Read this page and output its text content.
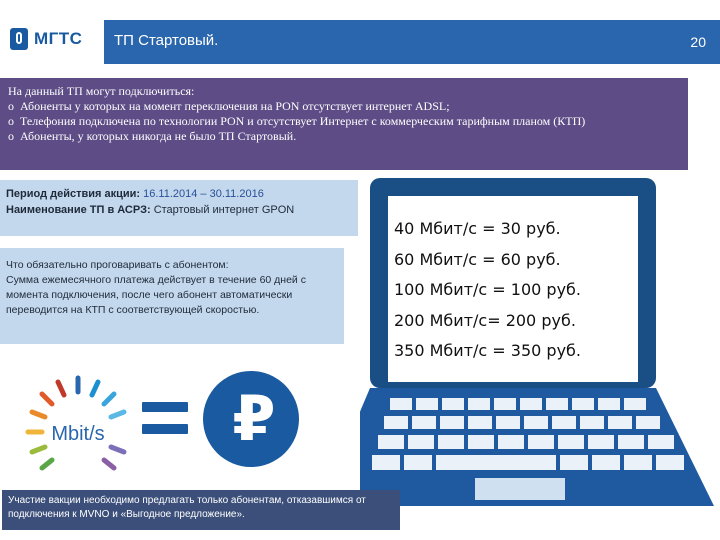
МГТС ТП Стартовый.	20
На данный ТП могут подключиться:
o Абоненты у которых на момент переключения на PON отсутствует интернет ADSL;
o Телефония подключена по технологии PON и отсутствует Интернет с коммерческим тарифным планом (КТП)
o Абоненты, у которых никогда не было ТП Стартовый.
Период действия акции: 16.11.2014 – 30.11.2016
Наименование ТП в АСРЗ: Стартовый интернет GPON
Что обязательно проговаривать с абонентом:
Сумма ежемесячного платежа действует в течение 60 дней с момента подключения, после чего абонент автоматически переводится на КТП с соответствующей скоростью.
Mbit/s ₽
40 Мбит/с = 30 руб.
60 Мбит/с = 60 руб.
100 Мбит/с = 100 руб.
200 Мбит/с= 200 руб.
350 Мбит/с = 350 руб.
Участие вакции необходимо предлагать только абонентам, отказавшимся от подключения к MVNO и «Выгодное предложение».
